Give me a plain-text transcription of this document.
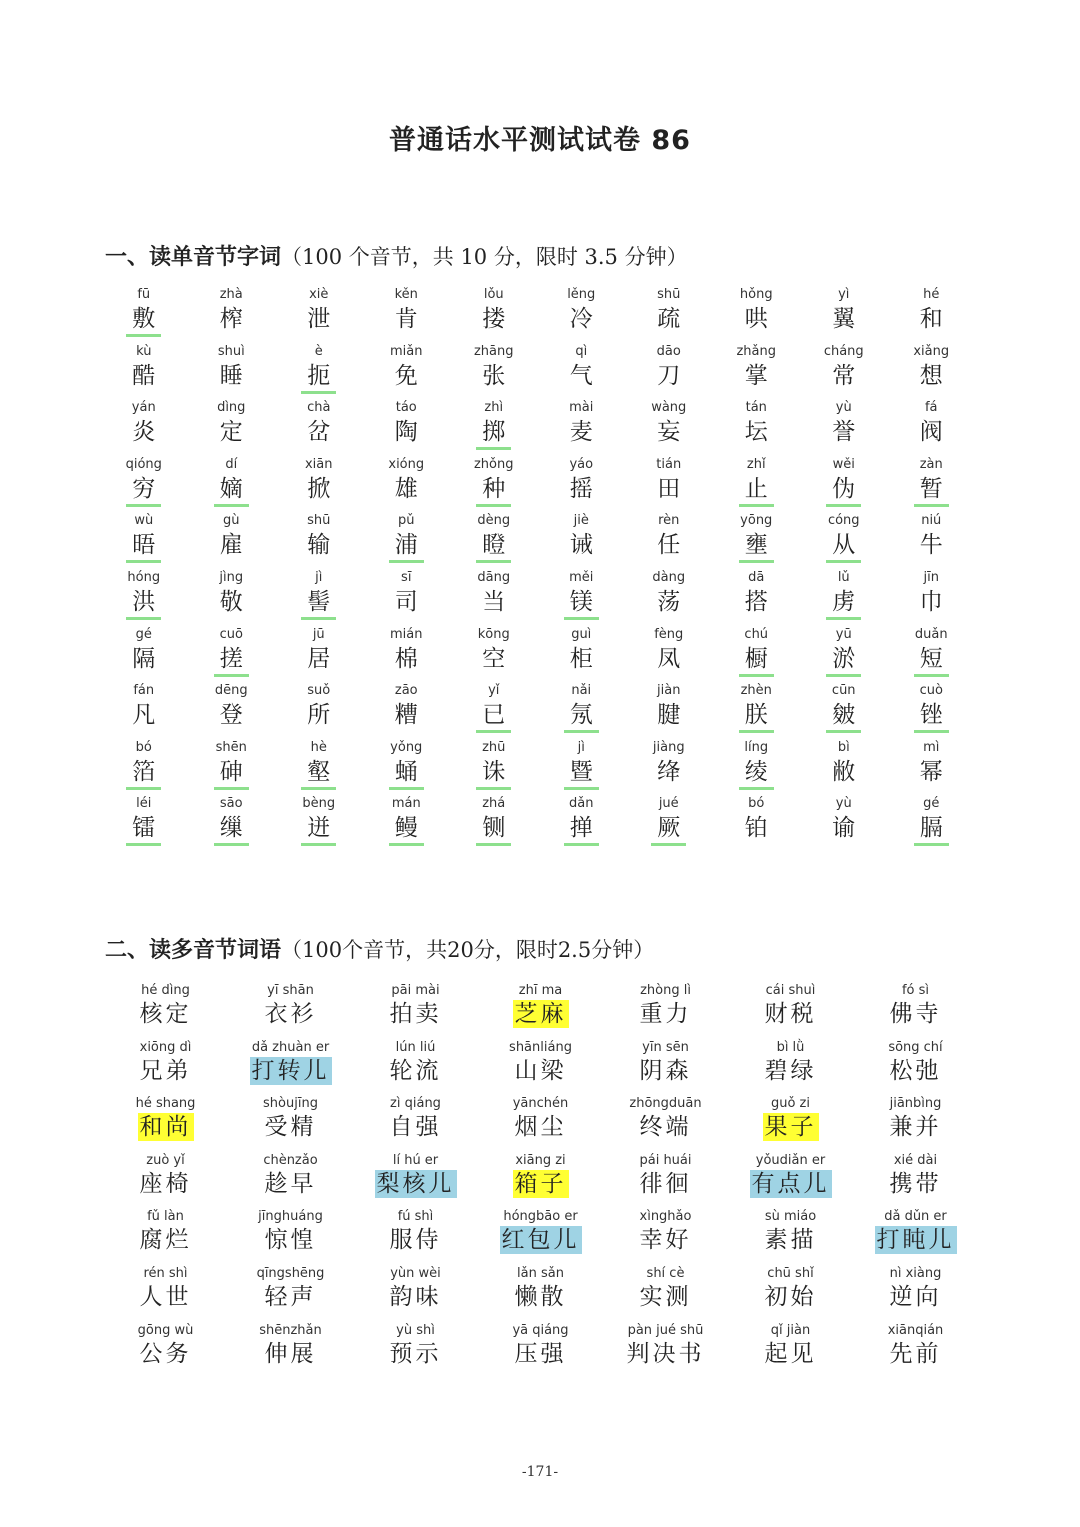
普通话水平测试试卷 86
一、读单音节字词（100 个音节，共 10 分，限时 3.5 分钟）
fū
敷
zhà
榨
xiè
泄
kěn
肯
lǒu
搂
lěng
冷
shū
疏
hǒng
哄
yì
翼
hé
和
kù
酷
shuì
睡
è
扼
miǎn
免
zhāng
张
qì
气
dāo
刀
zhǎng
掌
cháng
常
xiǎng
想
yán
炎
dìng
定
chà
岔
táo
陶
zhì
掷
mài
麦
wàng
妄
tán
坛
yù
誉
fá
阀
qióng
穷
dí
嫡
xiān
掀
xióng
雄
zhǒng
种
yáo
摇
tián
田
zhǐ
止
wěi
伪
zàn
暂
wù
晤
gù
雇
shū
输
pǔ
浦
dèng
瞪
jiè
诫
rèn
任
yōng
壅
cóng
从
niú
牛
hóng
洪
jìng
敬
jì
髻
sī
司
dāng
当
měi
镁
dàng
荡
dā
搭
lǔ
虏
jīn
巾
gé
隔
cuō
搓
jū
居
mián
棉
kōng
空
guì
柜
fèng
凤
chú
橱
yū
淤
duǎn
短
fán
凡
dēng
登
suǒ
所
zāo
糟
yǐ
已
nǎi
氖
jiàn
腱
zhèn
朕
cūn
皴
cuò
锉
bó
箔
shēn
砷
hè
壑
yǒng
蛹
zhū
诛
jì
暨
jiàng
绛
líng
绫
bì
敝
mì
幂
léi
镭
sāo
缫
bèng
迸
mán
鳗
zhá
铡
dǎn
掸
jué
厥
bó
铂
yù
谕
gé
膈
二、读多音节词语（100个音节，共20分，限时2.5分钟）
hé dìng
核定
yī shān
衣衫
pāi mài
拍卖
zhī ma
芝麻
zhòng lì
重力
cái shuì
财税
fó sì
佛寺
xiōng dì
兄弟
dǎ zhuàn er
打转儿
lún liú
轮流
shānliáng
山梁
yīn sēn
阴森
bì lǜ
碧绿
sōng chí
松弛
hé shang
和尚
shòujīng
受精
zì qiáng
自强
yānchén
烟尘
zhōngduān
终端
guǒ zi
果子
jiānbìng
兼并
zuò yǐ
座椅
chènzǎo
趁早
lí hú er
梨核儿
xiāng zi
箱子
pái huái
徘徊
yǒudiǎn er
有点儿
xié dài
携带
fǔ làn
腐烂
jīnghuáng
惊惶
fú shì
服侍
hóngbāo er
红包儿
xìnghǎo
幸好
sù miáo
素描
dǎ dǔn er
打盹儿
rén shì
人世
qīngshēng
轻声
yùn wèi
韵味
lǎn sǎn
懒散
shí cè
实测
chū shǐ
初始
nì xiàng
逆向
gōng wù
公务
shēnzhǎn
伸展
yù shì
预示
yā qiáng
压强
pàn jué shū
判决书
qǐ jiàn
起见
xiānqián
先前
-171-
